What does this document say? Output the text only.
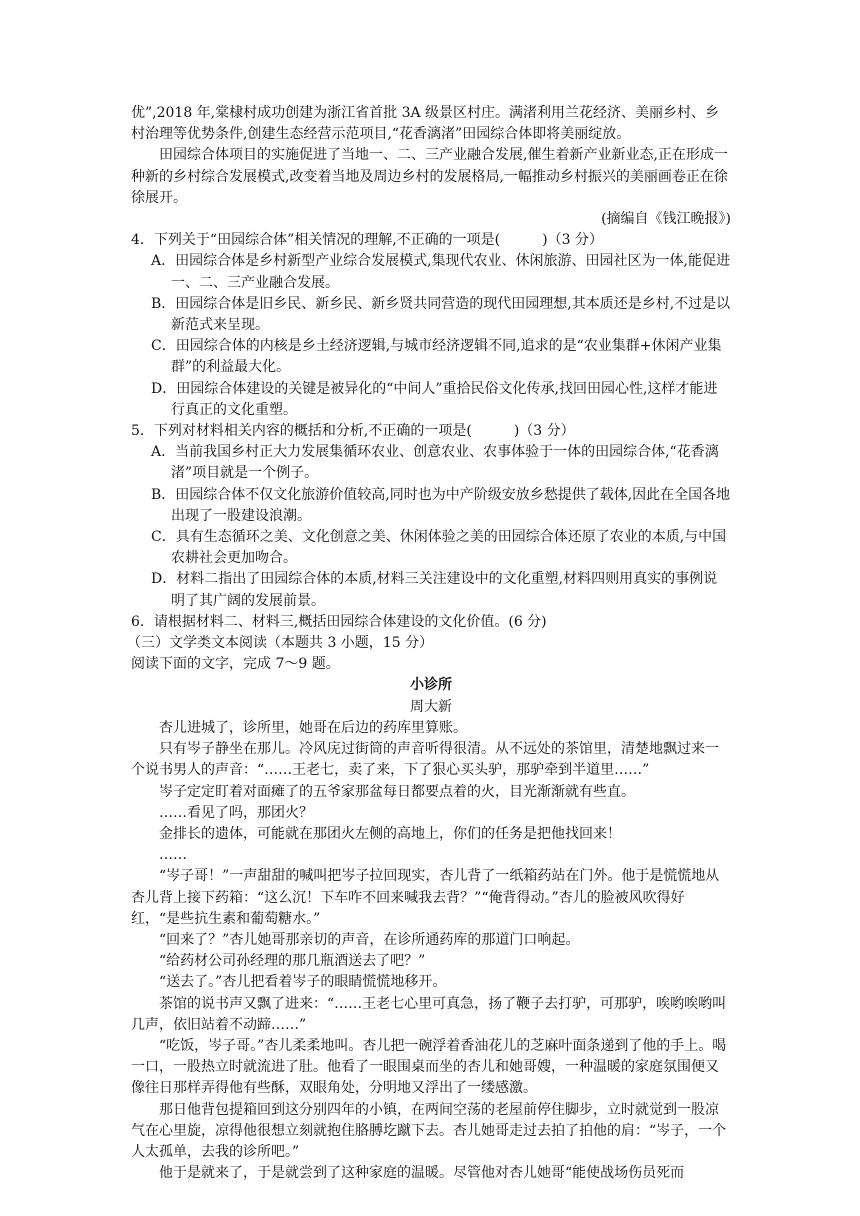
优”,2018 年,棠棣村成功创建为浙江省首批 3A 级景区村庄。满渚利用兰花经济、美丽乡村、乡村治理等优势条件,创建生态经营示范项目,“花香漓渚”田园综合体即将美丽绽放。

田园综合体项目的实施促进了当地一、二、三产业融合发展,催生着新产业新业态,正在形成一种新的乡村综合发展模式,改变着当地及周边乡村的发展格局,一幅推动乡村振兴的美丽画卷正在徐徐展开。

(摘编自《钱江晚报》)

4．下列关于“田园综合体”相关情况的理解,不正确的一项是(　　　)（3 分）

A．田园综合体是乡村新型产业综合发展模式,集现代农业、休闲旅游、田园社区为一体,能促进一、二、三产业融合发展。

B．田园综合体是旧乡民、新乡民、新乡贤共同营造的现代田园理想,其本质还是乡村,不过是以新范式来呈现。

C．田园综合体的内核是乡土经济逻辑,与城市经济逻辑不同,追求的是“农业集群+休闲产业集群”的利益最大化。

D．田园综合体建设的关键是被异化的“中间人”重拾民俗文化传承,找回田园心性,这样才能进行真正的文化重塑。

5．下列对材料相关内容的概括和分析,不正确的一项是(　　　)（3 分）

A．当前我国乡村正大力发展集循环农业、创意农业、农事体验于一体的田园综合体,“花香漓渚”项目就是一个例子。

B．田园综合体不仅文化旅游价值较高,同时也为中产阶级安放乡愁提供了载体,因此在全国各地出现了一股建设浪潮。

C．具有生态循环之美、文化创意之美、休闲体验之美的田园综合体还原了农业的本质,与中国农耕社会更加吻合。

D．材料二指出了田园综合体的本质,材料三关注建设中的文化重塑,材料四则用真实的事例说明了其广阔的发展前景。

6．请根据材料二、材料三,概括田园综合体建设的文化价值。(6 分)

（三）文学类文本阅读（本题共 3 小题，15 分）

阅读下面的文字，完成 7～9 题。

小诊所

周大新

杏儿进城了，诊所里，她哥在后边的药库里算账。

只有岑子静坐在那儿。冷风庑过街筒的声音听得很清。从不远处的茶馆里，清楚地飘过来一个说书男人的声音：“……王老七，卖了来，下了狠心买头驴，那驴牵到半道里……”

岑子定定盯着对面瘫了的五爷家那盆每日都要点着的火，目光渐渐就有些直。

……看见了吗，那团火？

金排长的遗体，可能就在那团火左侧的高地上，你们的任务是把他找回来！

……

“岑子哥！”一声甜甜的喊叫把岑子拉回现实，杏儿背了一纸箱药站在门外。他于是慌慌地从杏儿背上接下药箱：“这么沉！下车咋不回来喊我去背？”“俺背得动。”杏儿的脸被风吹得好红，“是些抗生素和葡萄糖水。”

“回来了？”杏儿她哥那亲切的声音，在诊所通药库的那道门口响起。

“给药材公司孙经理的那几瓶酒送去了吧？”

“送去了。”杏儿把看着岑子的眼睛慌慌地移开。

茶馆的说书声又飘了进来：“……王老七心里可真急，扬了鞭子去打驴，可那驴，唉哟唉哟叫几声，依旧站着不动蹄……”

“吃饭，岑子哥。”杏儿柔柔地叫。杏儿把一碗浮着香油花儿的芝麻叶面条递到了他的手上。喝一口，一股热立时就流进了肚。他看了一眼围桌而坐的杏儿和她哥嫂，一种温暖的家庭氛围便又像往日那样弄得他有些酥，双眼角处，分明地又浮出了一缕感激。

那日他背包提箱回到这分别四年的小镇，在两间空荡的老屋前停住脚步，立时就觉到一股凉气在心里旋，凉得他很想立刻就抱住胳膊圪蹴下去。杏儿她哥走过去拍了拍他的肩：“岑子，一个人太孤单，去我的诊所吧。”

他于是就来了，于是就尝到了这种家庭的温暖。尽管他对杏儿她哥“能使战场伤员死而
